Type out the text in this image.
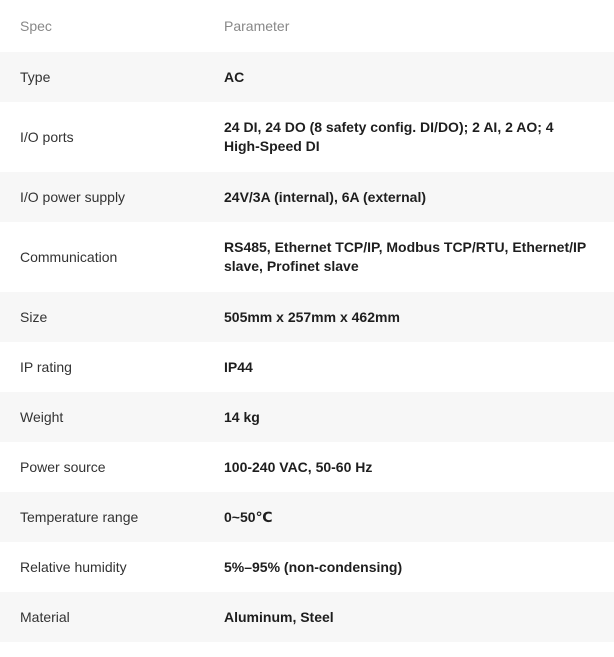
Spec	Parameter
Type	AC
I/O ports	24 DI, 24 DO (8 safety config. DI/DO); 2 AI, 2 AO; 4 High-Speed DI
I/O power supply	24V/3A (internal), 6A (external)
Communication	RS485, Ethernet TCP/IP, Modbus TCP/RTU, Ethernet/IP slave, Profinet slave
Size	505mm x 257mm x 462mm
IP rating	IP44
Weight	14 kg
Power source	100-240 VAC, 50-60 Hz
Temperature range	0~50℃
Relative humidity	5%–95% (non-condensing)
Material	Aluminum, Steel
